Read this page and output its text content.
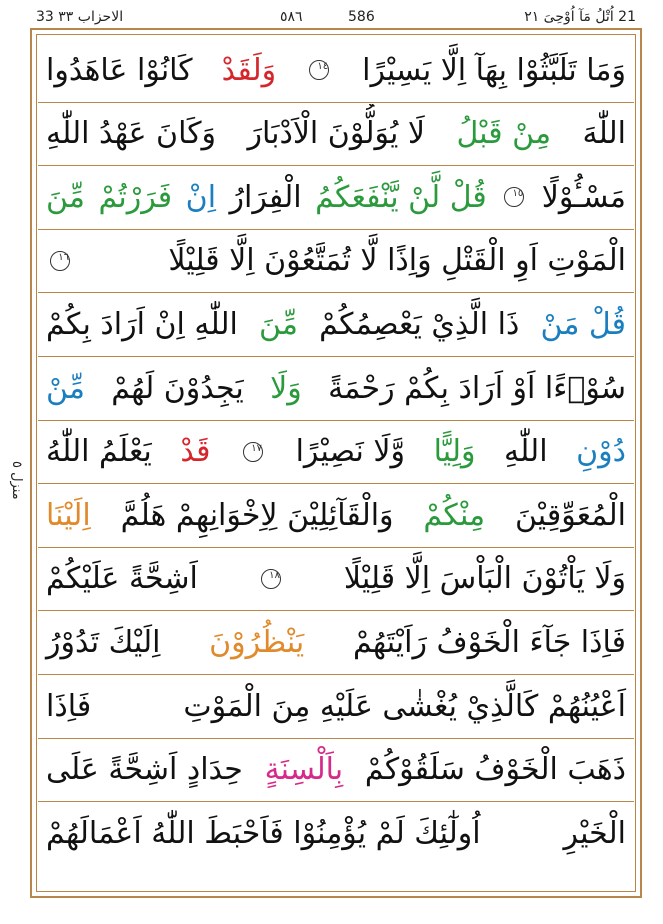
33 الاحزاب ٣٣	٥٨٦	586	21 اُتْلُ مَآ اُوْحِیَ ٢١
منزل ٥
وَمَا تَلَبَّثُوْا بِهَآ اِلَّا يَسِيْرًا
١٤
وَلَقَدْ
كَانُوْا عَاهَدُوا
اللّٰهَ
مِنْ قَبْلُ
لَا يُوَلُّوْنَ الْاَدْبَارَ
وَكَانَ عَهْدُ اللّٰهِ
مَسْـُٔوْلًا
١٥
قُلْ لَّنْ يَّنْفَعَكُمُ
الْفِرَارُ
اِنْ
فَرَرْتُمْ
مِّنَ
الْمَوْتِ اَوِ الْقَتْلِ وَاِذًا لَّا تُمَتَّعُوْنَ اِلَّا قَلِيْلًا
١٦
قُلْ مَنْ
ذَا الَّذِيْ يَعْصِمُكُمْ
مِّنَ
اللّٰهِ اِنْ اَرَادَ بِكُمْ
سُوْۤءًا اَوْ اَرَادَ بِكُمْ رَحْمَةً
وَلَا
يَجِدُوْنَ لَهُمْ
مِّنْ
دُوْنِ
اللّٰهِ
وَلِيًّا
وَّلَا نَصِيْرًا
١٧
قَدْ
يَعْلَمُ اللّٰهُ
الْمُعَوِّقِيْنَ
مِنْكُمْ
وَالْقَآئِلِيْنَ لِاِخْوَانِهِمْ هَلُمَّ
اِلَيْنَا
وَلَا يَاْتُوْنَ الْبَاْسَ اِلَّا قَلِيْلًا
١٨
اَشِحَّةً عَلَيْكُمْ
فَاِذَا جَآءَ الْخَوْفُ رَاَيْتَهُمْ
يَنْظُرُوْنَ
اِلَيْكَ تَدُوْرُ
اَعْيُنُهُمْ كَالَّذِيْ يُغْشٰى عَلَيْهِ مِنَ الْمَوْتِ
فَاِذَا
ذَهَبَ الْخَوْفُ سَلَقُوْكُمْ
بِاَلْسِنَةٍ
حِدَادٍ اَشِحَّةً عَلَى
الْخَيْرِ
اُولٰٓئِكَ لَمْ يُؤْمِنُوْا فَاَحْبَطَ اللّٰهُ اَعْمَالَهُمْ
